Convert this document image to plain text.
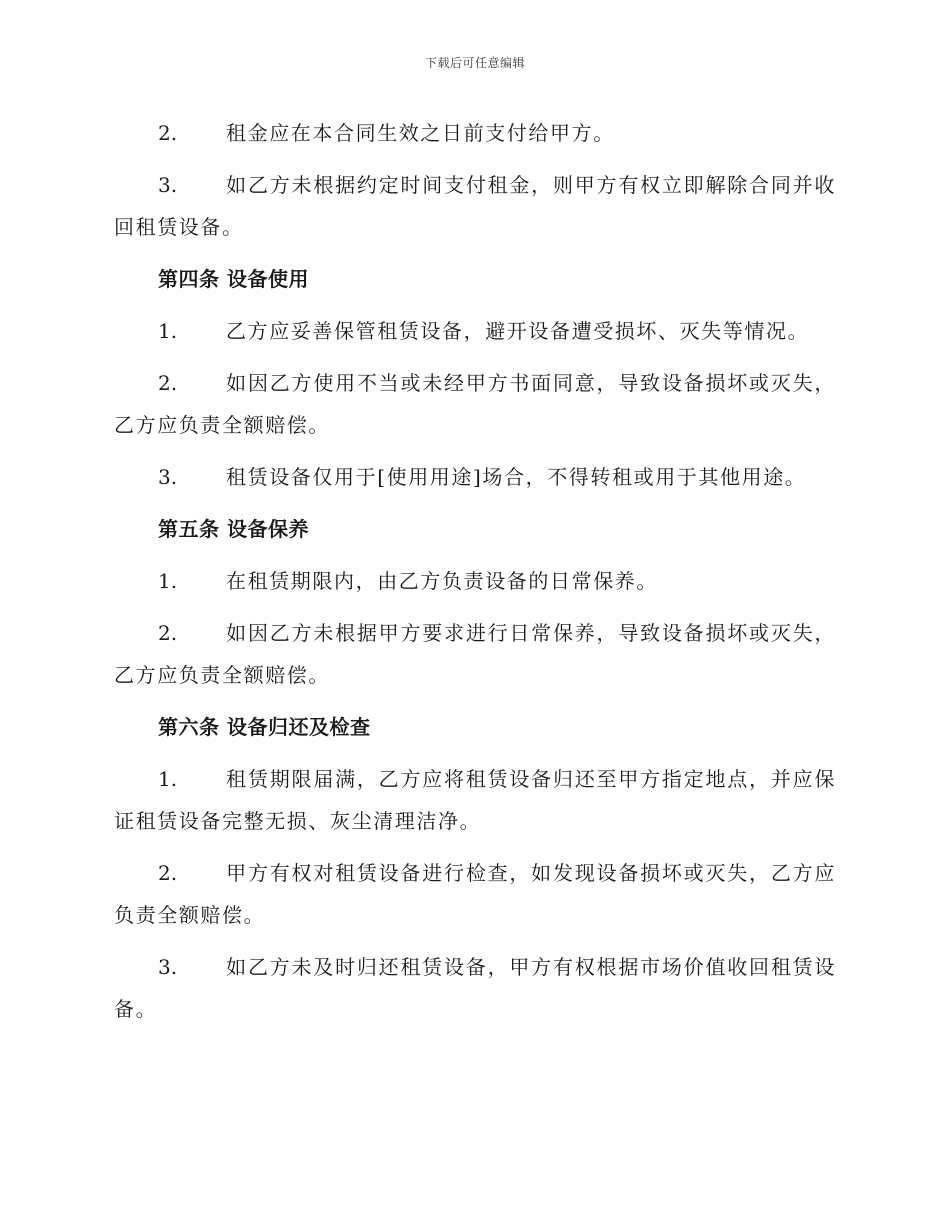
下载后可任意编辑

2. 租金应在本合同生效之日前支付给甲方。

3. 如乙方未根据约定时间支付租金，则甲方有权立即解除合同并收回租赁设备。

第四条 设备使用

1. 乙方应妥善保管租赁设备，避开设备遭受损坏、灭失等情况。

2. 如因乙方使用不当或未经甲方书面同意，导致设备损坏或灭失，乙方应负责全额赔偿。

3. 租赁设备仅用于[使用用途]场合，不得转租或用于其他用途。

第五条 设备保养

1. 在租赁期限内，由乙方负责设备的日常保养。

2. 如因乙方未根据甲方要求进行日常保养，导致设备损坏或灭失，乙方应负责全额赔偿。

第六条 设备归还及检查

1. 租赁期限届满，乙方应将租赁设备归还至甲方指定地点，并应保证租赁设备完整无损、灰尘清理洁净。

2. 甲方有权对租赁设备进行检查，如发现设备损坏或灭失，乙方应负责全额赔偿。

3. 如乙方未及时归还租赁设备，甲方有权根据市场价值收回租赁设备。
